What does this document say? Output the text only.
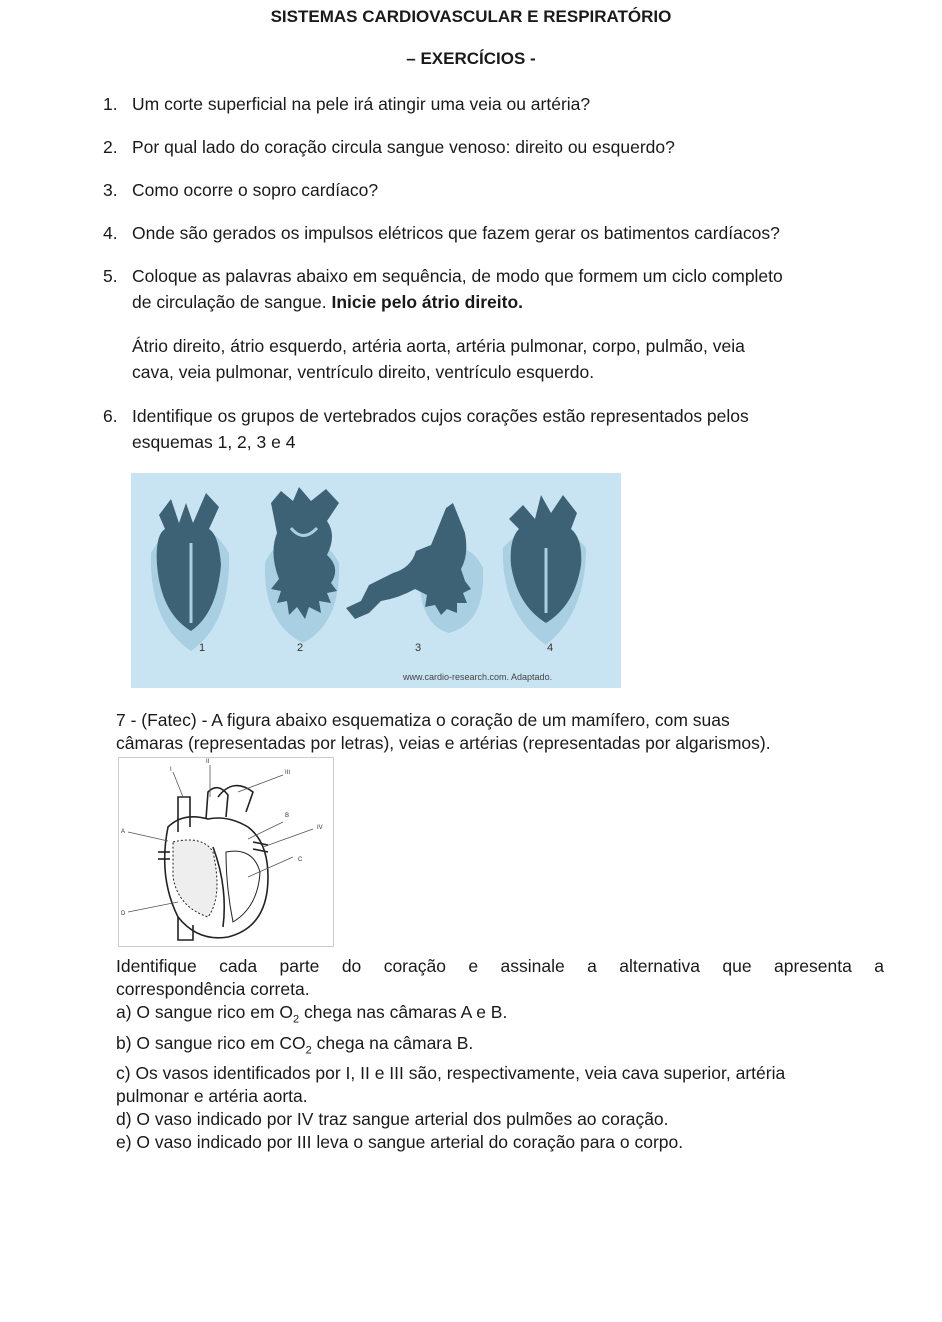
SISTEMAS CARDIOVASCULAR E RESPIRATÓRIO
– EXERCÍCIOS -
1. Um corte superficial na pele irá atingir uma veia ou artéria?
2. Por qual lado do coração circula sangue venoso: direito ou esquerdo?
3. Como ocorre o sopro cardíaco?
4. Onde são gerados os impulsos elétricos que fazem gerar os batimentos cardíacos?
5. Coloque as palavras abaixo em sequência, de modo que formem um ciclo completo
de circulação de sangue. Inicie pelo átrio direito.
Átrio direito, átrio esquerdo, artéria aorta, artéria pulmonar, corpo, pulmão, veia
cava, veia pulmonar, ventrículo direito, ventrículo esquerdo.
6. Identifique os grupos de vertebrados cujos corações estão representados pelos
esquemas 1, 2, 3 e 4
1	2	3	4
www.cardio-research.com. Adaptado.
7 - (Fatec) - A figura abaixo esquematiza o coração de um mamífero, com suas
câmaras (representadas por letras), veias e artérias (representadas por algarismos).
I
II
III
IV
A
B
C
D
Identifique cada parte do coração e assinale a alternativa que apresenta a
correspondência correta.
a) O sangue rico em $O_2$ chega nas câmaras A e B.
b) O sangue rico em $CO_2$ chega na câmara B.
c) Os vasos identificados por I, II e III são, respectivamente, veia cava superior, artéria
pulmonar e artéria aorta.
d) O vaso indicado por IV traz sangue arterial dos pulmões ao coração.
e) O vaso indicado por III leva o sangue arterial do coração para o corpo.
